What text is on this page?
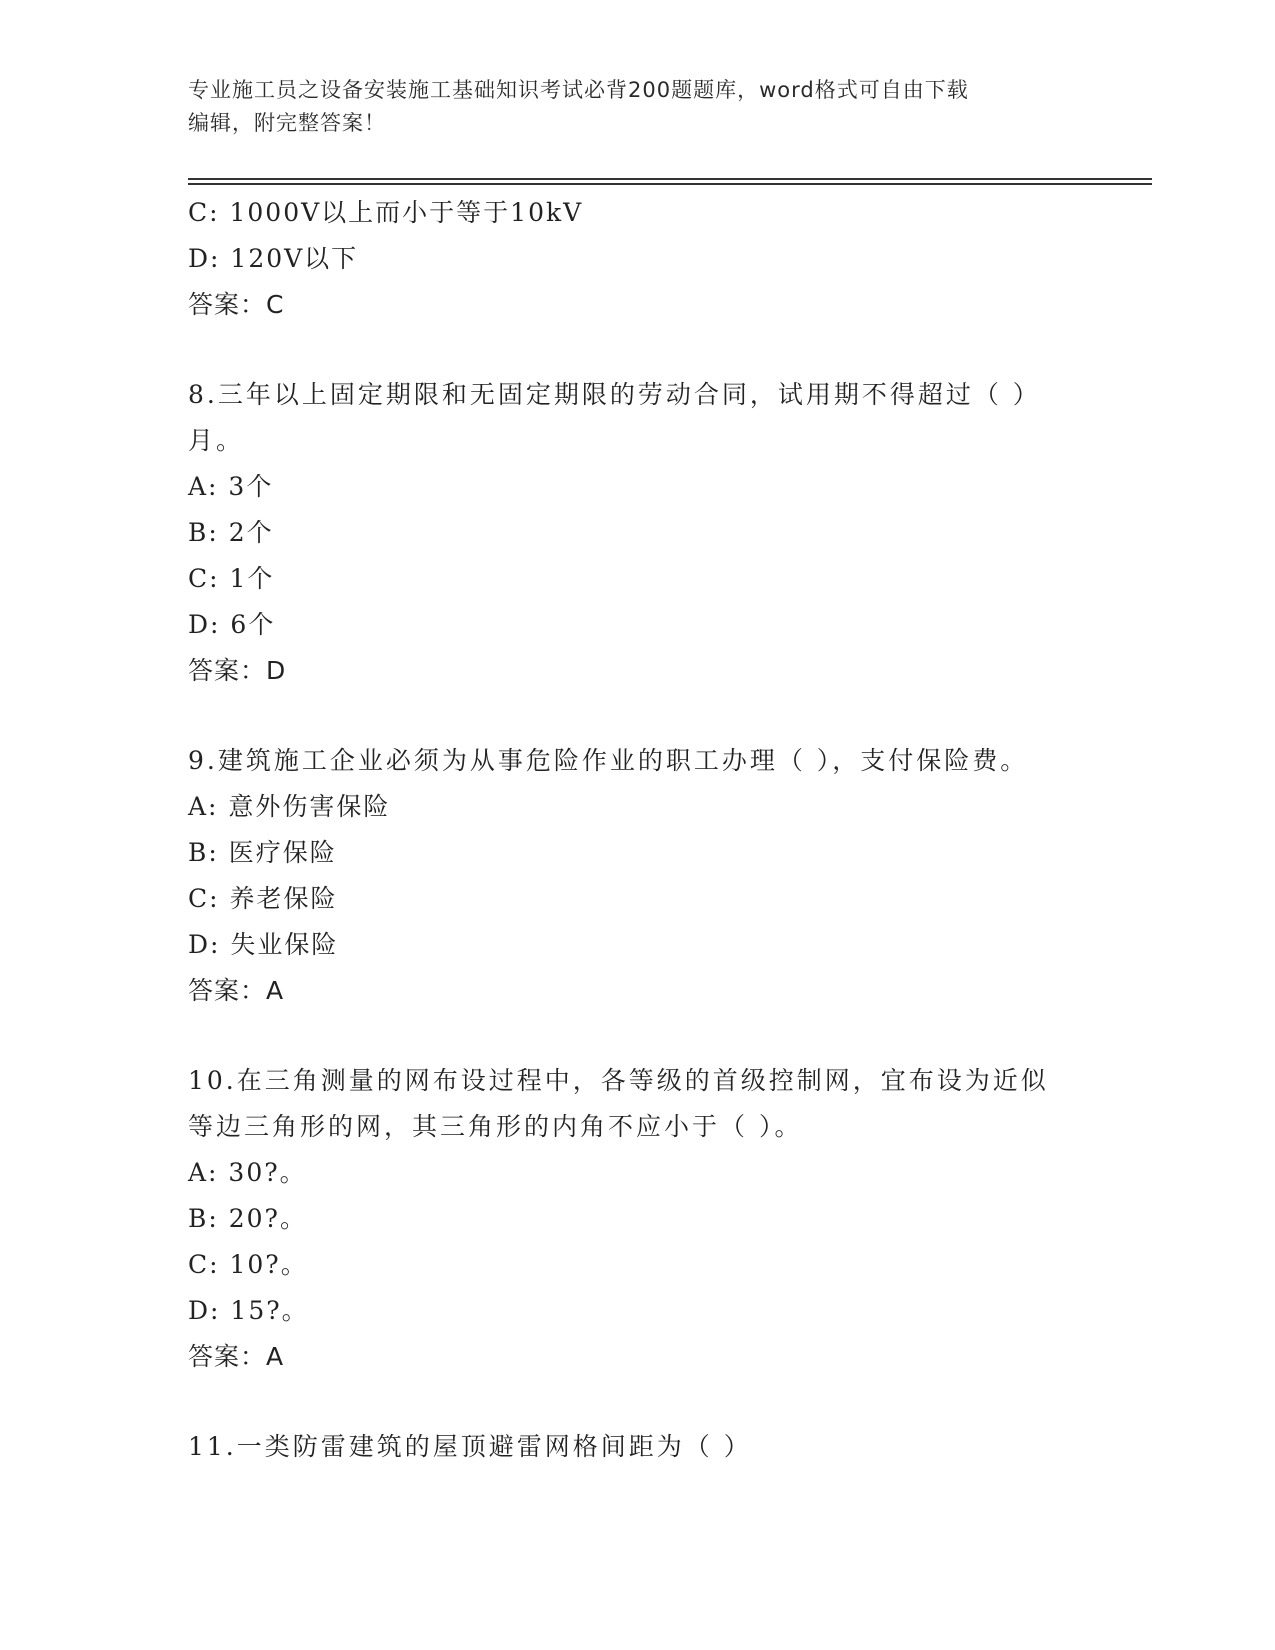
专业施工员之设备安装施工基础知识考试必背200题题库，word格式可自由下载
编辑，附完整答案！
C: 1000V以上而小于等于10kV
D: 120V以下
答案：C
8.三年以上固定期限和无固定期限的劳动合同，试用期不得超过（ ）
月。
A: 3个
B: 2个
C: 1个
D: 6个
答案：D
9.建筑施工企业必须为从事危险作业的职工办理（ ），支付保险费。
A: 意外伤害保险
B: 医疗保险
C: 养老保险
D: 失业保险
答案：A
10.在三角测量的网布设过程中，各等级的首级控制网，宜布设为近似
等边三角形的网，其三角形的内角不应小于（ ）。
A: 30?。
B: 20?。
C: 10?。
D: 15?。
答案：A
11.一类防雷建筑的屋顶避雷网格间距为（ ）
